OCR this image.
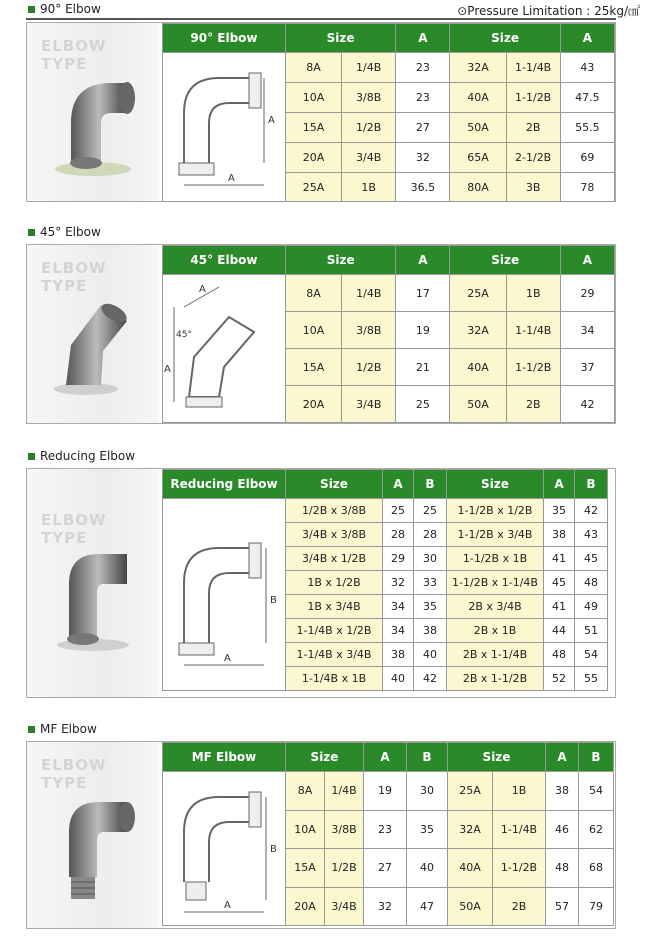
90° Elbow	⊙Pressure Limitation : 25kg/㎠
ELBOW TYPE
90° Elbow	Size		A	Size		A

A
A	8A	1/4B	23	32A	1-1/4B	43
	10A	3/8B	23	40A	1-1/2B	47.5
	15A	1/2B	27	50A	2B	55.5
	20A	3/4B	32	65A	2-1/2B	69
	25A	1B	36.5	80A	3B	78
45° Elbow
ELBOW TYPE
45° Elbow	Size		A	Size		A

A
A
45°	8A	1/4B	17	25A	1B	29
	10A	3/8B	19	32A	1-1/4B	34
	15A	1/2B	21	40A	1-1/2B	37
	20A	3/4B	25	50A	2B	42
Reducing Elbow
ELBOW TYPE
Reducing Elbow	Size	A	B	Size	A	B

A
B	1/2B x 3/8B	25	25	1-1/2B x 1/2B	35	42
	3/4B x 3/8B	28	28	1-1/2B x 3/4B	38	43
	3/4B x 1/2B	29	30	1-1/2B x 1B	41	45
	1B x 1/2B	32	33	1-1/2B x 1-1/4B	45	48
	1B x 3/4B	34	35	2B x 3/4B	41	49
	1-1/4B x 1/2B	34	38	2B x 1B	44	51
	1-1/4B x 3/4B	38	40	2B x 1-1/4B	48	54
	1-1/4B x 1B	40	42	2B x 1-1/2B	52	55
MF Elbow
ELBOW TYPE
MF Elbow	Size		A	B	Size		A	B

A
B	8A	1/4B	19	30	25A	1B	38	54
	10A	3/8B	23	35	32A	1-1/4B	46	62
	15A	1/2B	27	40	40A	1-1/2B	48	68
	20A	3/4B	32	47	50A	2B	57	79
